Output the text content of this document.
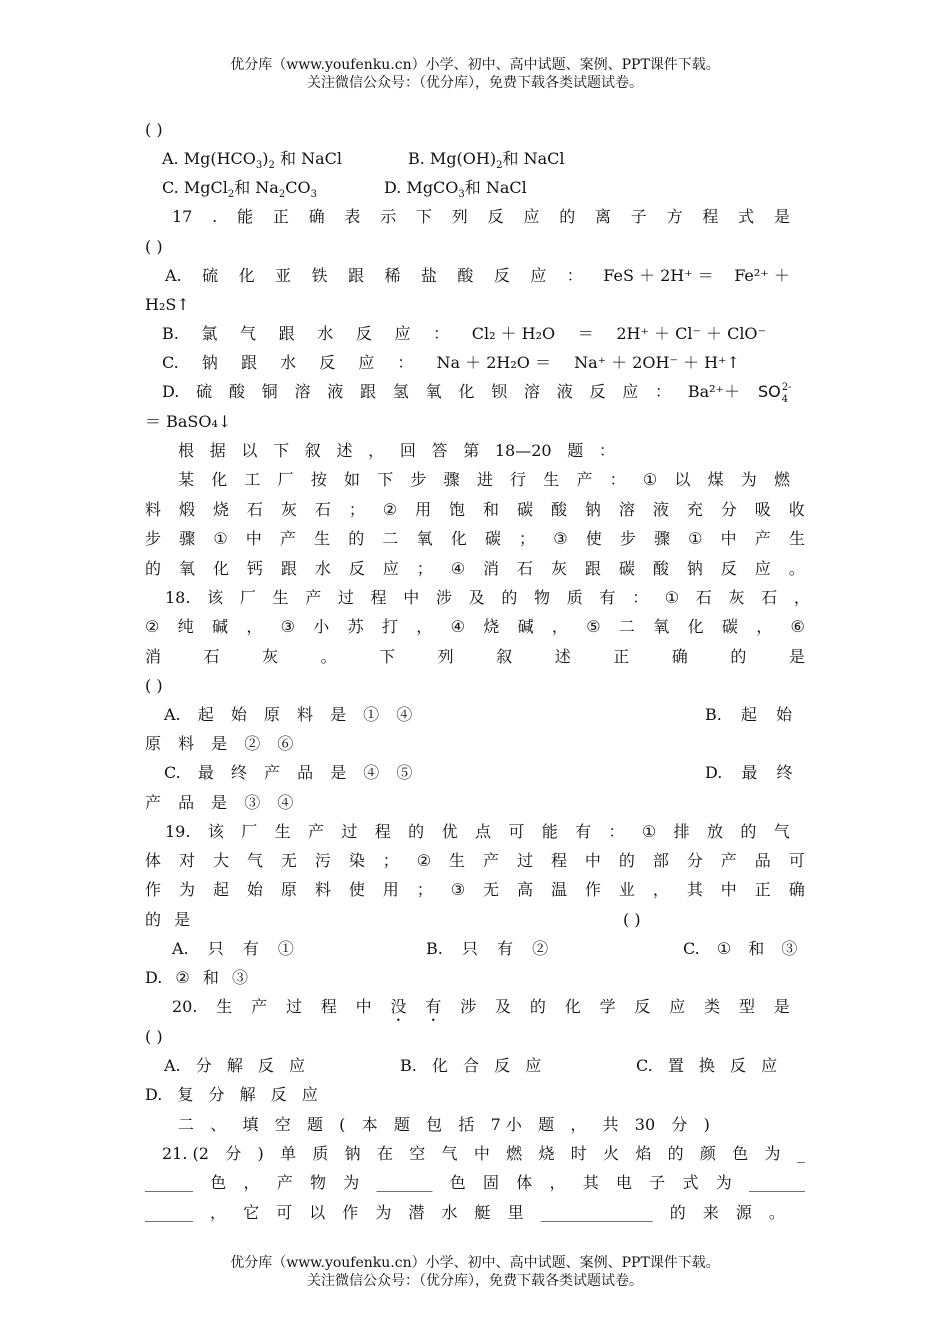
优分库（www.youfenku.cn）小学、初中、高中试题、案例、PPT课件下载。
关注微信公众号：（优分库），免费下载各类试题试卷。
( )
A. $Mg(HCO_3)_2$ 和 NaCl	B. $Mg(OH)_2$和 NaCl
C. MgCl$_2$和 $Na_2CO_3$	D. MgCO$_3$和 NaCl
17 . 能 正 确 表 示 下 列 反 应 的 离 子 方 程 式 是
( )
A. 硫 化 亚 铁 跟 稀 盐 酸 反 应 ： FeS ＋ 2H⁺ ＝ Fe²⁺ ＋
H₂S↑
B. 氯 气 跟 水 反 应 ： Cl₂ ＋ H₂O ＝ 2H⁺ ＋ Cl⁻ ＋ ClO⁻
C. 钠 跟 水 反 应 ： Na ＋ 2H₂O ＝ Na⁺ ＋ 2OH⁻ ＋ H⁺↑
D. 硫 酸 铜 溶 液 跟 氢 氧 化 钡 溶 液 反 应 ： Ba²⁺＋ SO 2-
4
＝ BaSO₄↓
根 据 以 下 叙 述 ， 回 答 第 18—20 题 ：
某 化 工 厂 按 如 下 步 骤 进 行 生 产 ： ① 以 煤 为 燃
料 煅 烧 石 灰 石 ； ② 用 饱 和 碳 酸 钠 溶 液 充 分 吸 收
步 骤 ① 中 产 生 的 二 氧 化 碳 ； ③ 使 步 骤 ① 中 产 生
的 氧 化 钙 跟 水 反 应 ； ④ 消 石 灰 跟 碳 酸 钠 反 应 。
18. 该 厂 生 产 过 程 中 涉 及 的 物 质 有 ： ① 石 灰 石 ，
② 纯 碱 ， ③ 小 苏 打 ， ④ 烧 碱 ， ⑤ 二 氧 化 碳 ， ⑥
消	石	灰	。	下	列	叙	述	正	确	的	是
( )
A. 起 始 原 料 是 ① ④	B. 起 始
原 料 是 ② ⑥
C. 最 终 产 品 是 ④ ⑤	D. 最 终
产 品 是 ③ ④
19. 该 厂 生 产 过 程 的 优 点 可 能 有 ： ① 排 放 的 气
体 对 大 气 无 污 染 ； ② 生 产 过 程 中 的 部 分 产 品 可
作 为 起 始 原 料 使 用 ； ③ 无 高 温 作 业 ， 其 中 正 确
的 是	( )
A. 只 有 ①	B. 只 有 ②	C. ① 和 ③
D. ② 和 ③
20. 生 产 过 程 中 没 有 涉 及 的 化 学 反 应 类 型 是
( )
A. 分 解 反 应	B. 化 合 反 应	C. 置 换 反 应
D. 复 分 解 反 应
二 、 填 空 题 ( 本 题 包 括 7 小 题 ， 共 30 分 )
21. (2 分 ) 单 质 钠 在 空 气 中 燃 烧 时 火 焰 的 颜 色 为 _
______ 色 ， 产 物 为 _______ 色 固 体 ， 其 电 子 式 为 _______
______ ， 它 可 以 作 为 潜 水 艇 里 ______________ 的 来 源 。
优分库（www.youfenku.cn）小学、初中、高中试题、案例、PPT课件下载。
关注微信公众号：（优分库），免费下载各类试题试卷。
